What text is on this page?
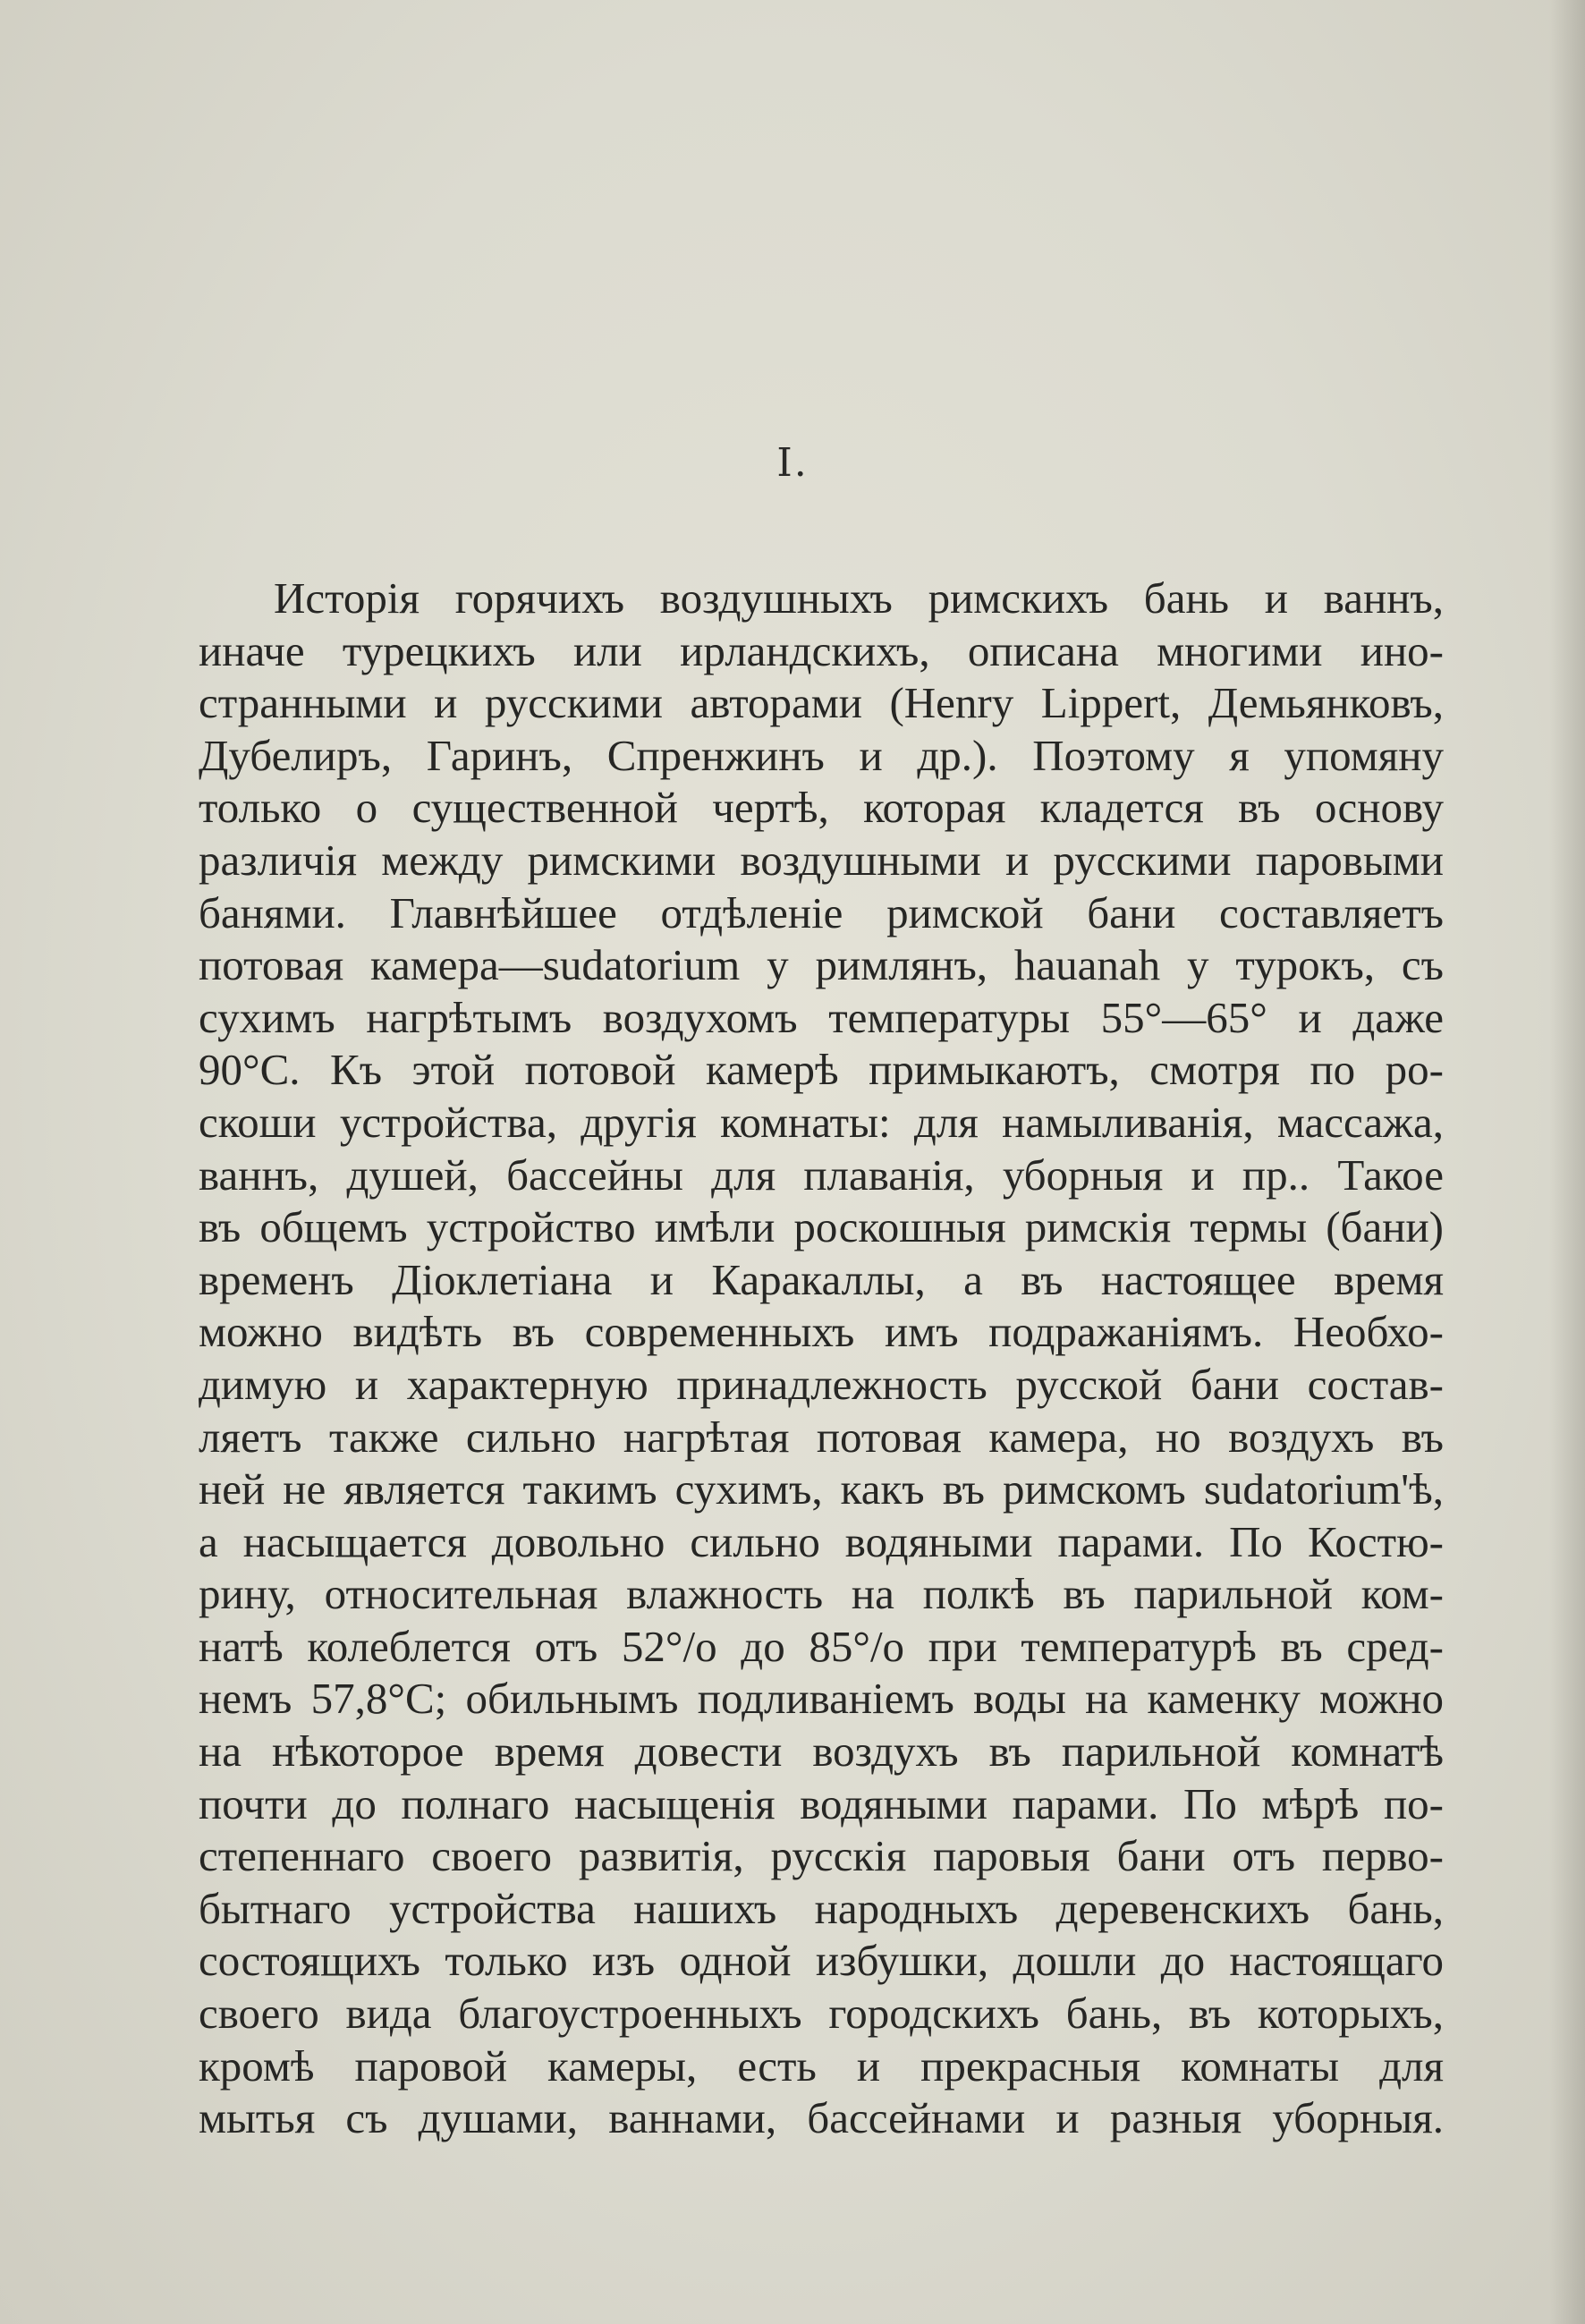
I.
Исторія горячихъ воздушныхъ римскихъ бань и ваннъ,
иначе турецкихъ или ирландскихъ, описана многими ино-
странными и русскими авторами (Henry Lippert, Демьянковъ,
Дубелиръ, Гаринъ, Спренжинъ и др.). Поэтому я упомяну
только о существенной чертѣ, которая кладется въ основу
различія между римскими воздушными и русскими паровыми
банями. Главнѣйшее отдѣленіе римской бани составляетъ
потовая камера—sudatorium у римлянъ, hauanah у турокъ, съ
сухимъ нагрѣтымъ воздухомъ температуры 55°—65° и даже
90°C. Къ этой потовой камерѣ примыкаютъ, смотря по ро-
скоши устройства, другія комнаты: для намыливанія, массажа,
ваннъ, душей, бассейны для плаванія, уборныя и пр.. Такое
въ общемъ устройство имѣли роскошныя римскія термы (бани)
временъ Діоклетіана и Каракаллы, а въ настоящее время
можно видѣть въ современныхъ имъ подражаніямъ. Необхо-
димую и характерную принадлежность русской бани состав-
ляетъ также сильно нагрѣтая потовая камера, но воздухъ въ
ней не является такимъ сухимъ, какъ въ римскомъ sudatorium'ѣ,
а насыщается довольно сильно водяными парами. По Костю-
рину, относительная влажность на полкѣ въ парильной ком-
натѣ колеблется отъ 52°/o до 85°/o при температурѣ въ сред-
немъ 57,8°C; обильнымъ подливаніемъ воды на каменку можно
на нѣкоторое время довести воздухъ въ парильной комнатѣ
почти до полнаго насыщенія водяными парами. По мѣрѣ по-
степеннаго своего развитія, русскія паровыя бани отъ перво-
бытнаго устройства нашихъ народныхъ деревенскихъ бань,
состоящихъ только изъ одной избушки, дошли до настоящаго
своего вида благоустроенныхъ городскихъ бань, въ которыхъ,
кромѣ паровой камеры, есть и прекрасныя комнаты для
мытья съ душами, ваннами, бассейнами и разныя уборныя.
